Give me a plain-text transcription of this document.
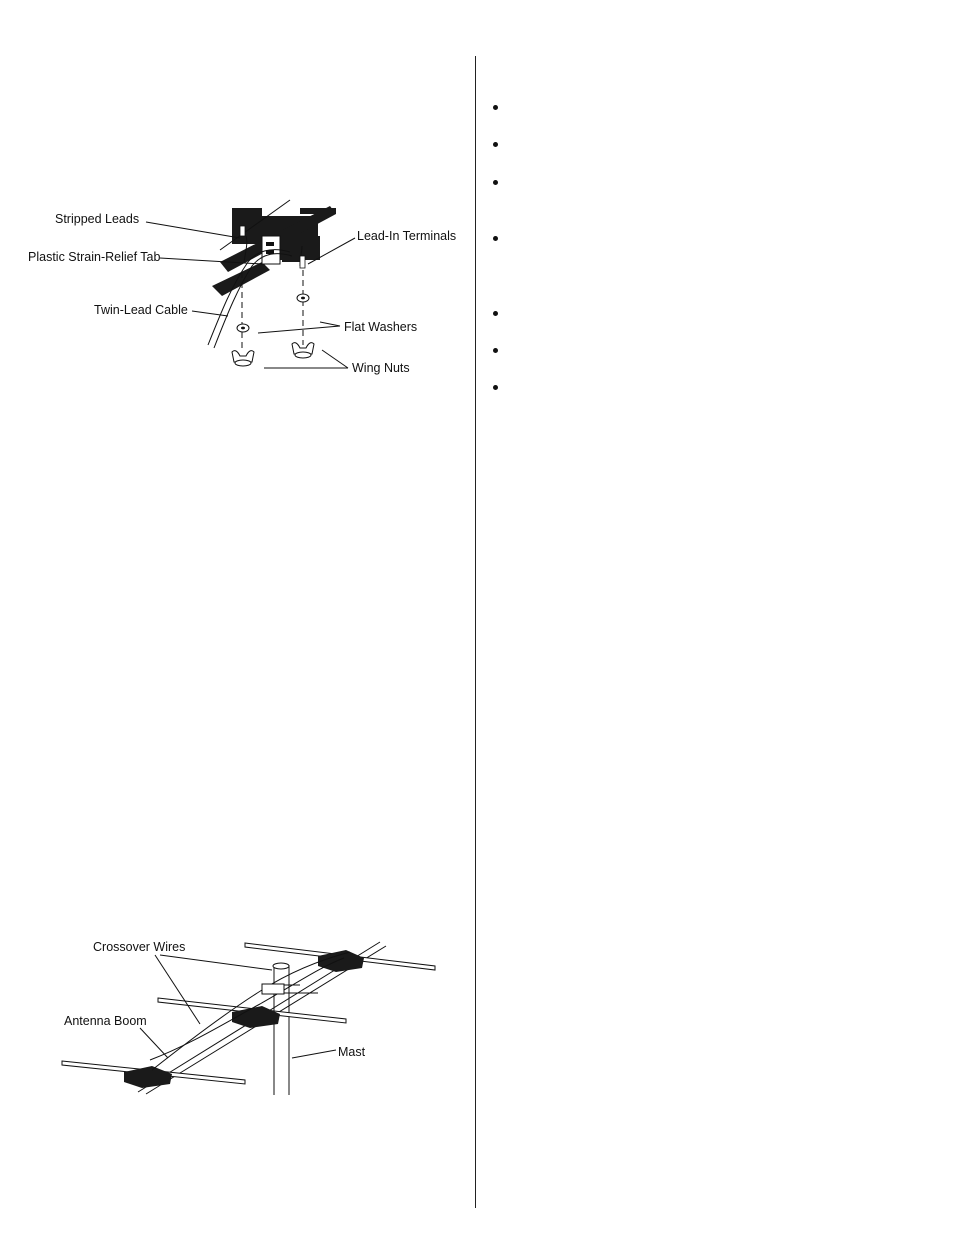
Stripped Leads
Plastic Strain-Relief Tab
Lead-In Terminals
Twin-Lead Cable
Flat Washers
Wing Nuts
Crossover Wires
Antenna Boom
Mast
